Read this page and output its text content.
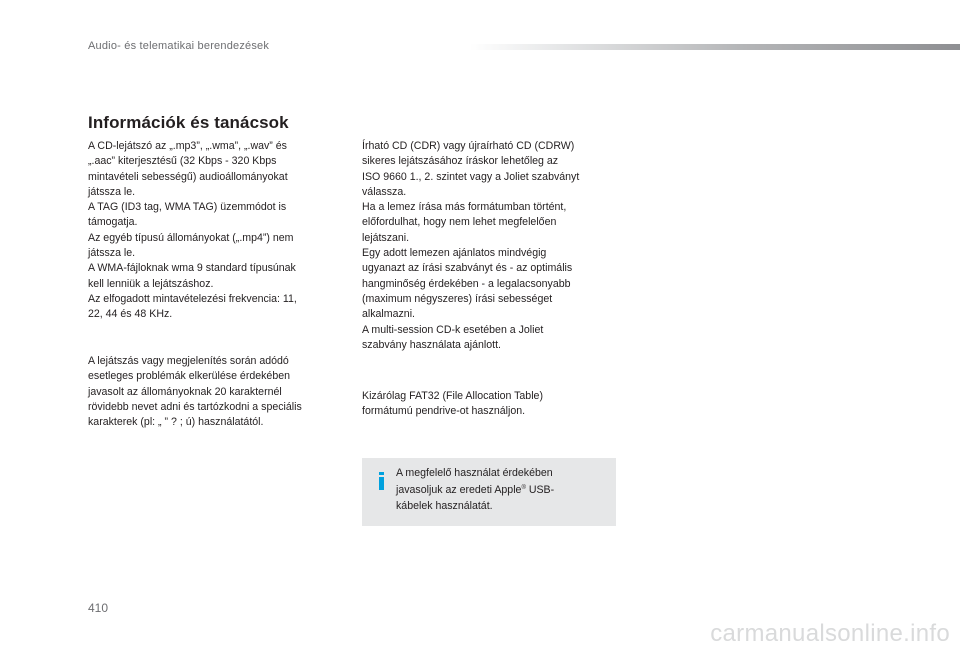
Audio- és telematikai berendezések
Információk és tanácsok
A CD-lejátszó az „.mp3”, „.wma”, „.wav” és
„.aac” kiterjesztésű (32 Kbps - 320 Kbps
mintavételi sebességű) audioállományokat
játssza le.
A TAG (ID3 tag, WMA TAG) üzemmódot is
támogatja.
Az egyéb típusú állományokat („.mp4”) nem
játssza le.
A WMA-fájloknak wma 9 standard típusúnak
kell lenniük a lejátszáshoz.
Az elfogadott mintavételezési frekvencia: 11,
22, 44 és 48 KHz.
A lejátszás vagy megjelenítés során adódó
esetleges problémák elkerülése érdekében
javasolt az állományoknak 20 karakternél
rövidebb nevet adni és tartózkodni a speciális
karakterek (pl: „ ” ? ; ú) használatától.
Írható CD (CDR) vagy újraírható CD (CDRW)
sikeres lejátszásához íráskor lehetőleg az
ISO 9660 1., 2. szintet vagy a Joliet szabványt
válassza.
Ha a lemez írása más formátumban történt,
előfordulhat, hogy nem lehet megfelelően
lejátszani.
Egy adott lemezen ajánlatos mindvégig
ugyanazt az írási szabványt és - az optimális
hangminőség érdekében - a legalacsonyabb
(maximum négyszeres) írási sebességet
alkalmazni.
A multi-session CD-k esetében a Joliet
szabvány használata ajánlott.
Kizárólag FAT32 (File Allocation Table)
formátumú pendrive-ot használjon.

A megfelelő használat érdekében
javasoljuk az eredeti Apple® USB-
kábelek használatát.

410
carmanualsonline.info
